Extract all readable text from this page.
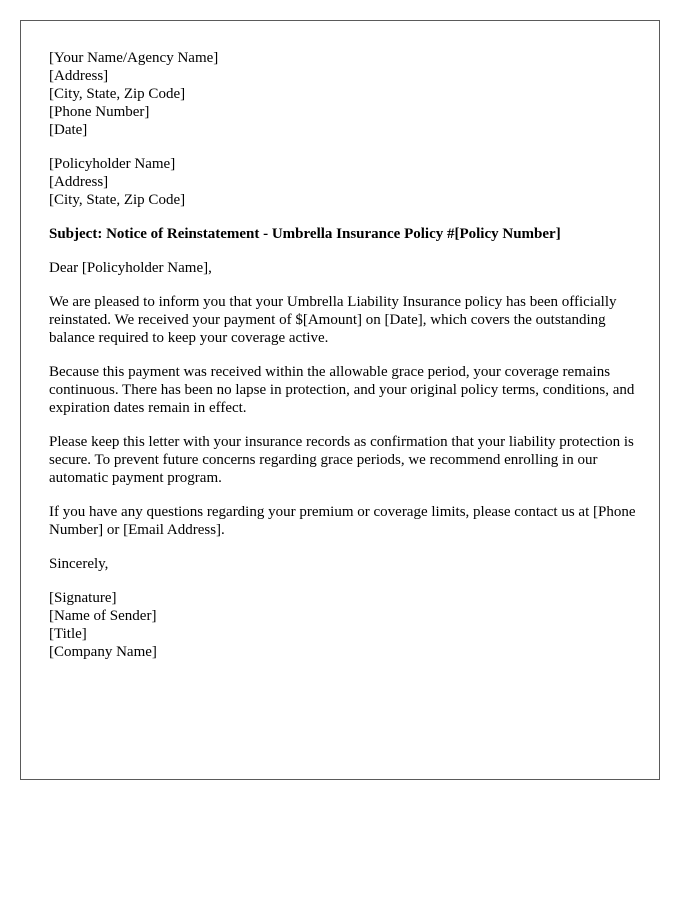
[Your Name/Agency Name]
[Address]
[City, State, Zip Code]
[Phone Number]
[Date]
[Policyholder Name]
[Address]
[City, State, Zip Code]

Subject: Notice of Reinstatement - Umbrella Insurance Policy #[Policy Number]

Dear [Policyholder Name],

We are pleased to inform you that your Umbrella Liability Insurance policy has been officially reinstated. We received your payment of $[Amount] on [Date], which covers the outstanding balance required to keep your coverage active.

Because this payment was received within the allowable grace period, your coverage remains continuous. There has been no lapse in protection, and your original policy terms, conditions, and expiration dates remain in effect.

Please keep this letter with your insurance records as confirmation that your liability protection is secure. To prevent future concerns regarding grace periods, we recommend enrolling in our automatic payment program.

If you have any questions regarding your premium or coverage limits, please contact us at [Phone Number] or [Email Address].

Sincerely,

[Signature]
[Name of Sender]
[Title]
[Company Name]
